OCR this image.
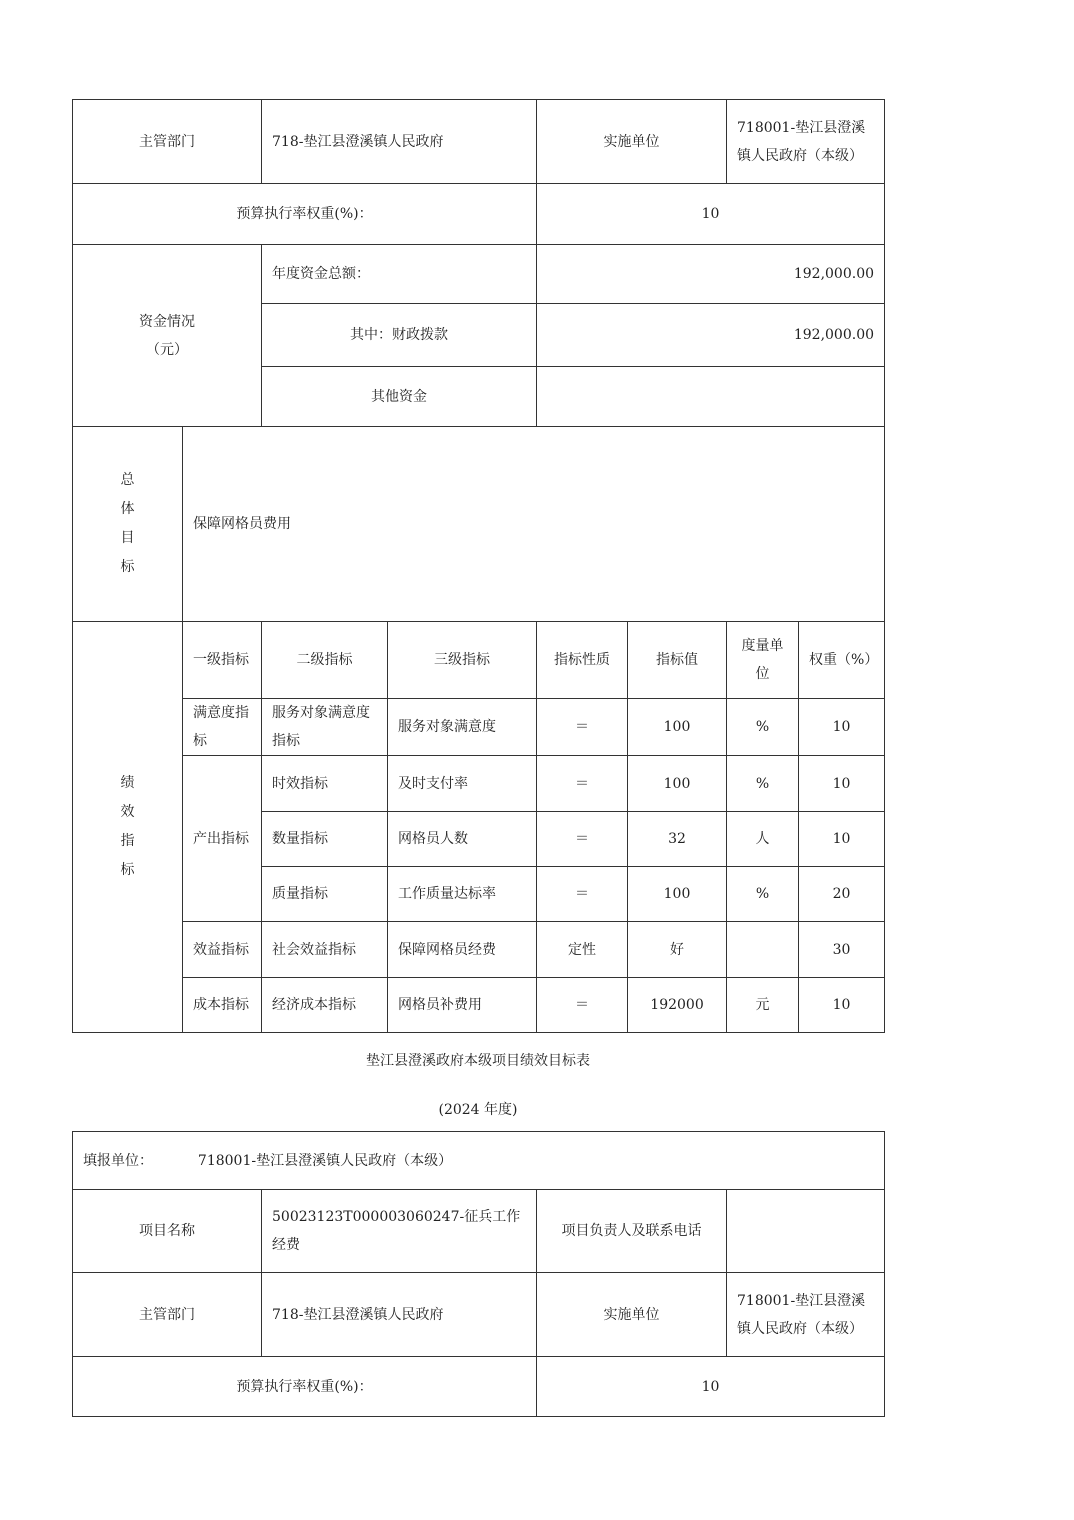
主管部门		718-垫江县澄溪镇人民政府		实施单位		718001-垫江县澄溪镇人民政府（本级）	
预算执行率权重(%)：				10			

资金情况
（元）		年度资金总额：		192,000.00			
		其中：财政拨款		192,000.00			
		其他资金					

总
体
目
标	保障网格员费用						

绩
效
指
标	一级指标	二级指标	三级指标	指标性质	指标值	度量单位	权重（%）
	满意度指标	服务对象满意度指标	服务对象满意度	＝	100	%	10
	产出指标	时效指标	及时支付率	＝	100	%	10
		数量指标	网格员人数	＝	32	人	10
		质量指标	工作质量达标率	＝	100	%	20
	效益指标	社会效益指标	保障网格员经费	定性	好		30
	成本指标	经济成本指标	网格员补费用	＝	192000	元	10
垫江县澄溪政府本级项目绩效目标表
(2024 年度)
填报单位： 718001-垫江县澄溪镇人民政府（本级）			
项目名称	50023123T000003060247-征兵工作经费	项目负责人及联系电话	
主管部门	718-垫江县澄溪镇人民政府	实施单位	718001-垫江县澄溪镇人民政府（本级）
预算执行率权重(%)：		10	
